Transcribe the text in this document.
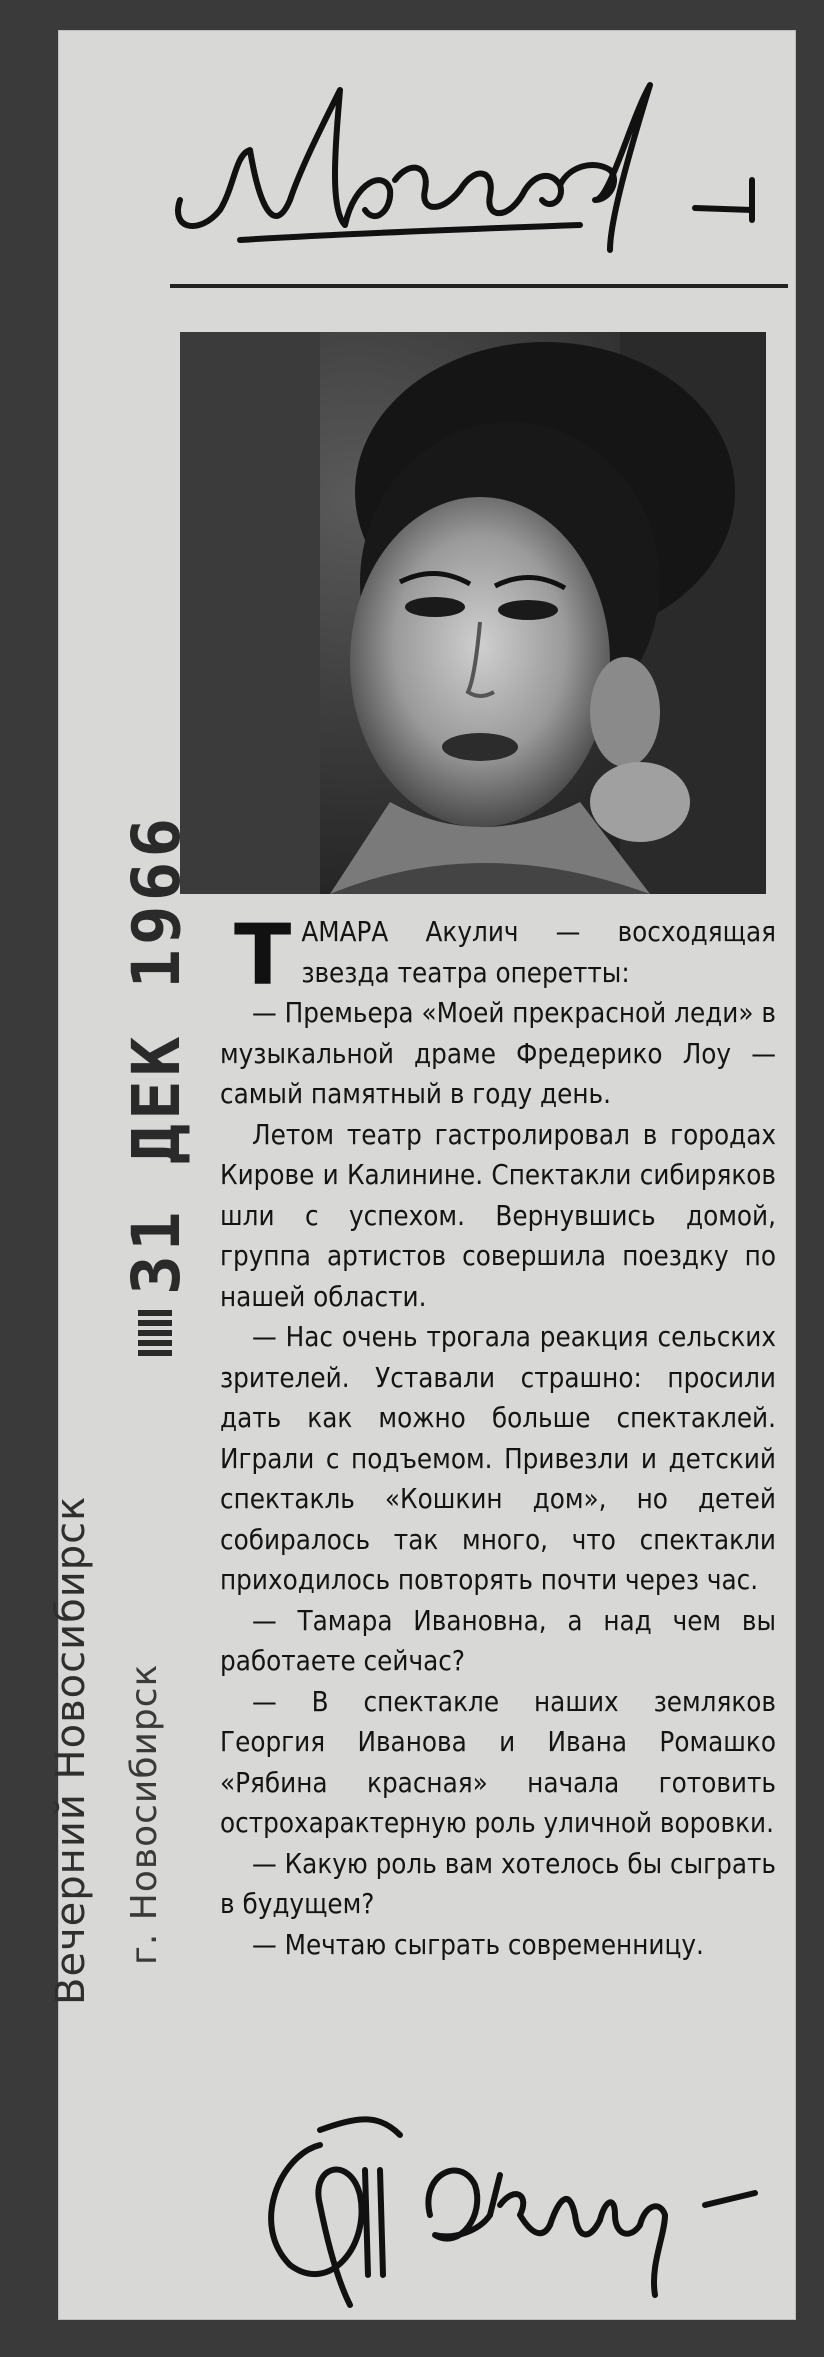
31 ДЕК 1966
Вечерний Новосибирск г. Новосибирск

ТАМАРА Акулич — восходящая звезда театра оперетты:

— Премьера «Моей прекрасной леди» в музыкальной драме Фредерико Лоу — самый памятный в году день.

Летом театр гастролировал в городах Кирове и Калинине. Спектакли сибиряков шли с успехом. Вернувшись домой, группа артистов совершила поездку по нашей области.

— Нас очень трогала реакция сельских зрителей. Уставали страшно: просили дать как можно больше спектаклей. Играли с подъемом. Привезли и детский спектакль «Кошкин дом», но детей собиралось так много, что спектакли приходилось повторять почти через час.

— Тамара Ивановна, а над чем вы работаете сейчас?

— В спектакле наших земляков Георгия Иванова и Ивана Ромашко «Рябина красная» начала готовить острохарактерную роль уличной воровки.

— Какую роль вам хотелось бы сыграть в будущем?

— Мечтаю сыграть современницу.
